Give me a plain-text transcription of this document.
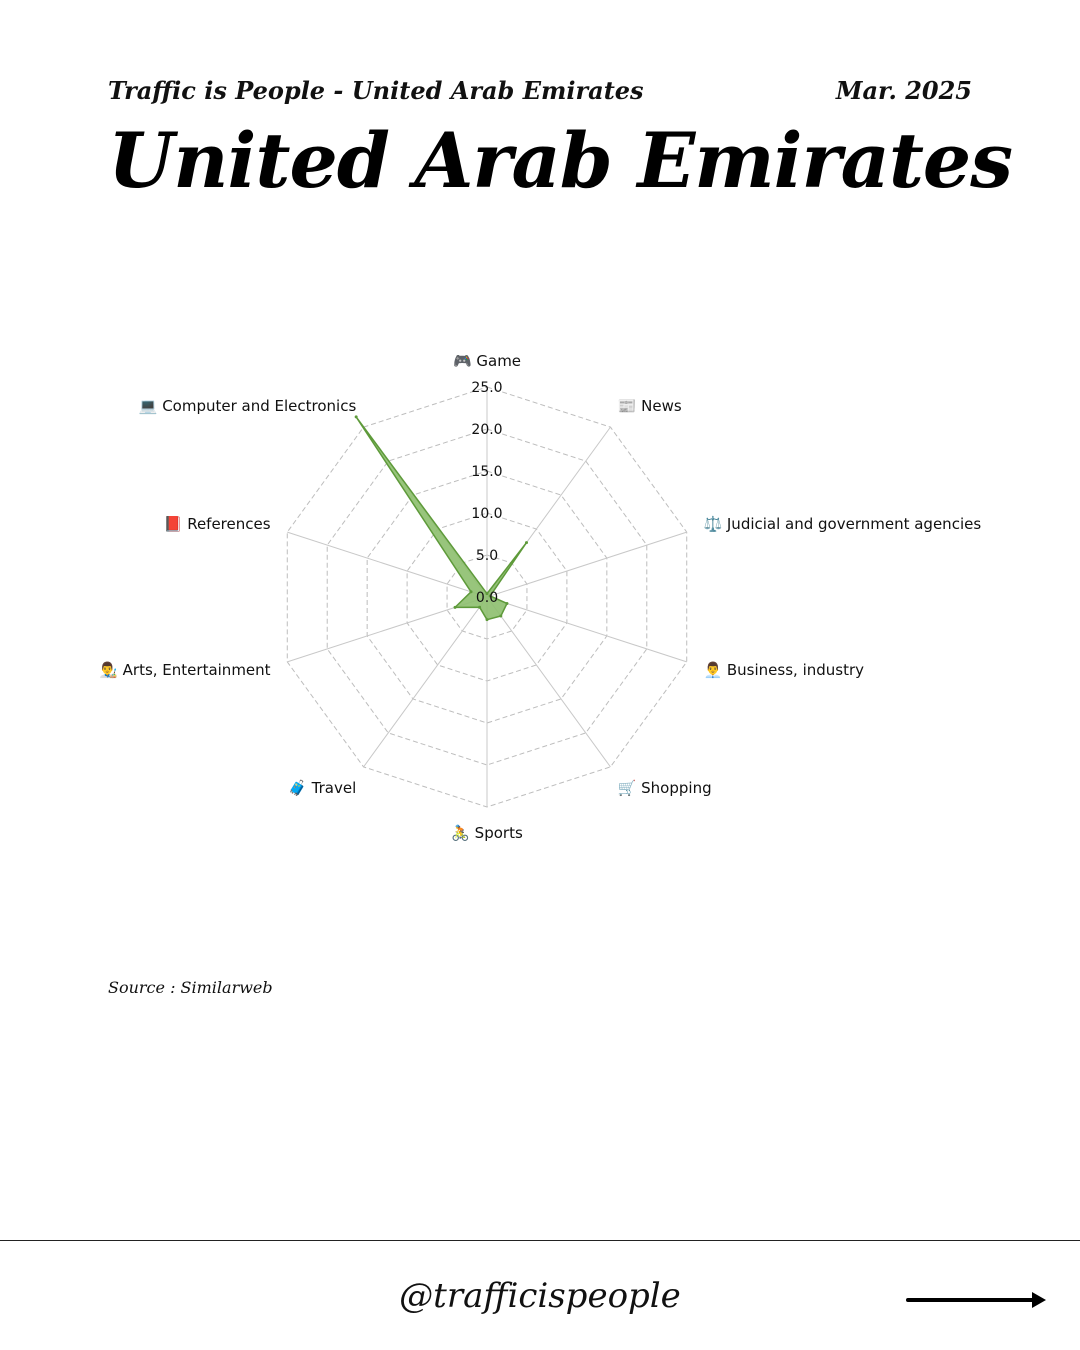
Traffic is People - United Arab Emirates	Mar. 2025
United Arab Emirates
0.0
5.0
10.0
15.0
20.0
25.0
🎮 Game
📰 News
⚖️ Judicial and government agencies
👨‍💼 Business, industry
🛒 Shopping
🚴 Sports
🧳 Travel
👨‍🎨 Arts, Entertainment
📕 References
💻 Computer and Electronics
Source : Similarweb
@trafficispeople
